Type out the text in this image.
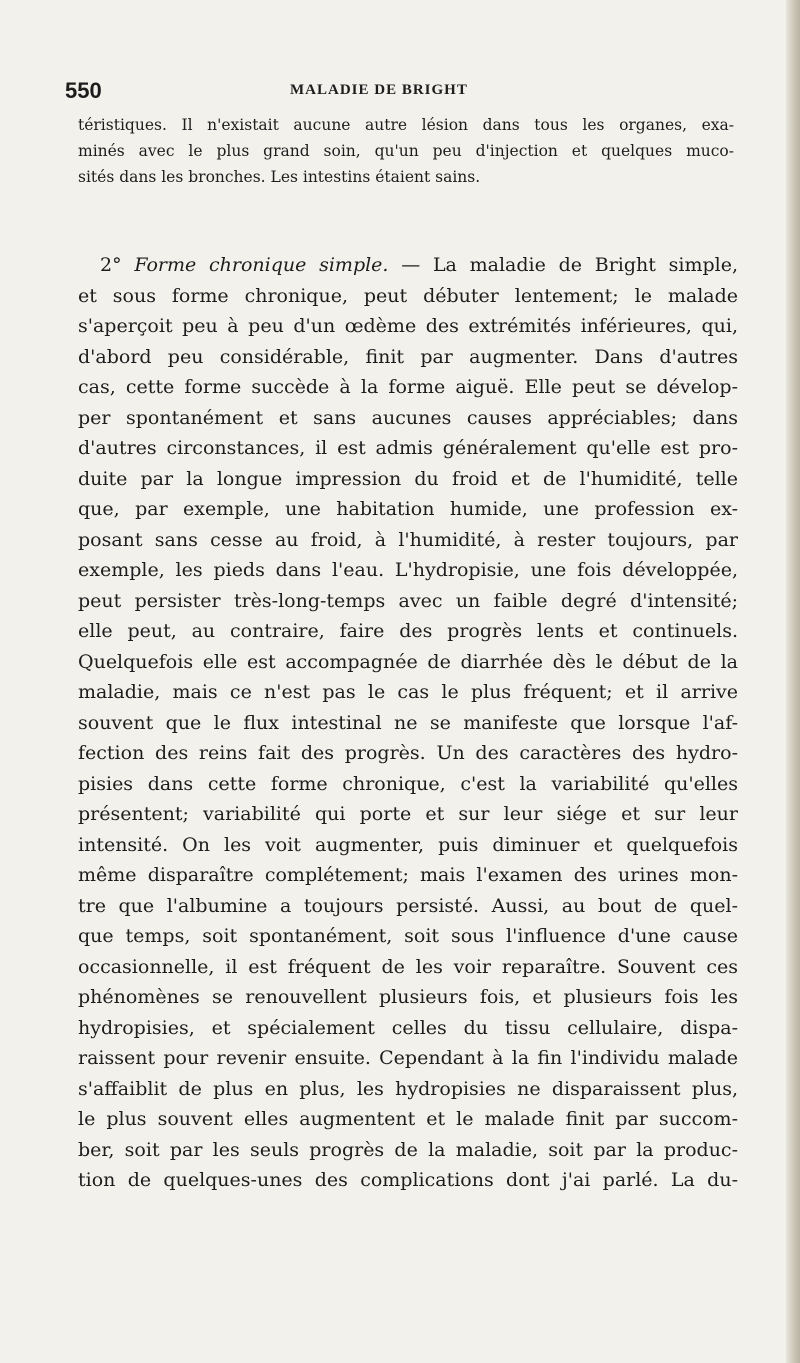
550	MALADIE DE BRIGHT

téristiques. Il n'existait aucune autre lésion dans tous les organes, exa-
minés avec le plus grand soin, qu'un peu d'injection et quelques muco-
sités dans les bronches. Les intestins étaient sains.

2° Forme chronique simple. — La maladie de Bright simple,
et sous forme chronique, peut débuter lentement; le malade
s'aperçoit peu à peu d'un œdème des extrémités inférieures, qui,
d'abord peu considérable, finit par augmenter. Dans d'autres
cas, cette forme succède à la forme aiguë. Elle peut se dévelop-
per spontanément et sans aucunes causes appréciables; dans
d'autres circonstances, il est admis généralement qu'elle est pro-
duite par la longue impression du froid et de l'humidité, telle
que, par exemple, une habitation humide, une profession ex-
posant sans cesse au froid, à l'humidité, à rester toujours, par
exemple, les pieds dans l'eau. L'hydropisie, une fois développée,
peut persister très-long-temps avec un faible degré d'intensité;
elle peut, au contraire, faire des progrès lents et continuels.
Quelquefois elle est accompagnée de diarrhée dès le début de la
maladie, mais ce n'est pas le cas le plus fréquent; et il arrive
souvent que le flux intestinal ne se manifeste que lorsque l'af-
fection des reins fait des progrès. Un des caractères des hydro-
pisies dans cette forme chronique, c'est la variabilité qu'elles
présentent; variabilité qui porte et sur leur siége et sur leur
intensité. On les voit augmenter, puis diminuer et quelquefois
même disparaître complétement; mais l'examen des urines mon-
tre que l'albumine a toujours persisté. Aussi, au bout de quel-
que temps, soit spontanément, soit sous l'influence d'une cause
occasionnelle, il est fréquent de les voir reparaître. Souvent ces
phénomènes se renouvellent plusieurs fois, et plusieurs fois les
hydropisies, et spécialement celles du tissu cellulaire, dispa-
raissent pour revenir ensuite. Cependant à la fin l'individu malade
s'affaiblit de plus en plus, les hydropisies ne disparaissent plus,
le plus souvent elles augmentent et le malade finit par succom-
ber, soit par les seuls progrès de la maladie, soit par la produc-
tion de quelques-unes des complications dont j'ai parlé. La du-
